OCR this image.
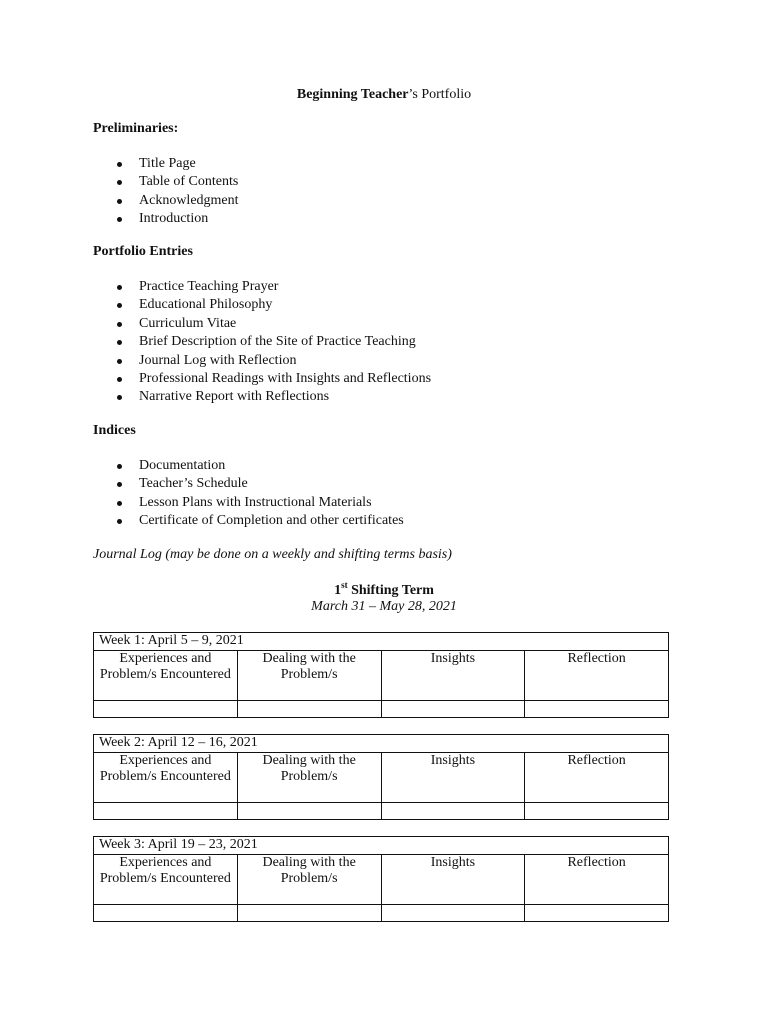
Beginning Teacher’s Portfolio
Preliminaries:
Title Page
Table of Contents
Acknowledgment
Introduction
Portfolio Entries
Practice Teaching Prayer
Educational Philosophy
Curriculum Vitae
Brief Description of the Site of Practice Teaching
Journal Log with Reflection
Professional Readings with Insights and Reflections
Narrative Report with Reflections
Indices
Documentation
Teacher’s Schedule
Lesson Plans with Instructional Materials
Certificate of Completion and other certificates
Journal Log (may be done on a weekly and shifting terms basis)
1st Shifting Term
March 31 – May 28, 2021
Week 1: April 5 – 9, 2021			
Experiences and Problem/s Encountered	Dealing with the Problem/s	Insights	Reflection

Week 2: April 12 – 16, 2021			
Experiences and Problem/s Encountered	Dealing with the Problem/s	Insights	Reflection

Week 3: April 19 – 23, 2021			
Experiences and Problem/s Encountered	Dealing with the Problem/s	Insights	Reflection
